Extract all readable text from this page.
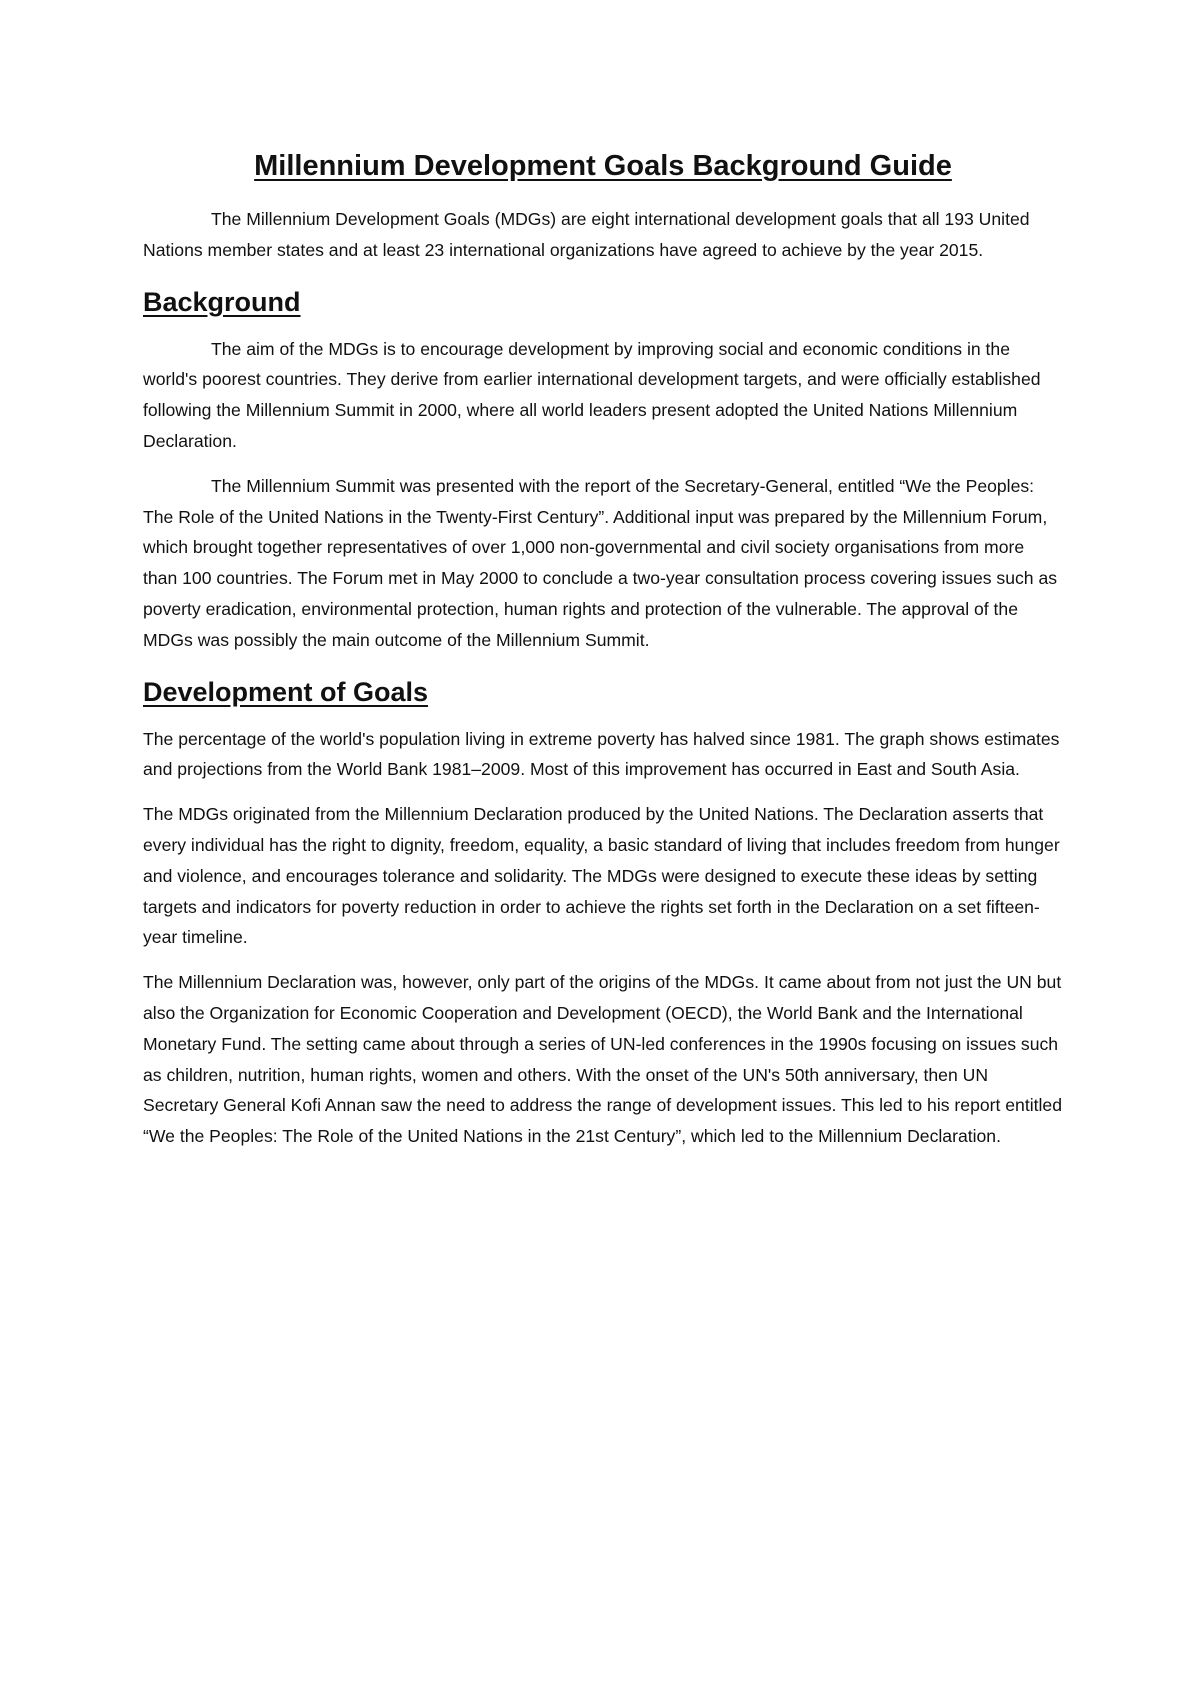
Millennium Development Goals Background Guide

The Millennium Development Goals (MDGs) are eight international development goals that all 193 United Nations member states and at least 23 international organizations have agreed to achieve by the year 2015.

Background

The aim of the MDGs is to encourage development by improving social and economic conditions in the world's poorest countries. They derive from earlier international development targets, and were officially established following the Millennium Summit in 2000, where all world leaders present adopted the United Nations Millennium Declaration.

The Millennium Summit was presented with the report of the Secretary-General, entitled “We the Peoples: The Role of the United Nations in the Twenty-First Century”. Additional input was prepared by the Millennium Forum, which brought together representatives of over 1,000 non-governmental and civil society organisations from more than 100 countries. The Forum met in May 2000 to conclude a two-year consultation process covering issues such as poverty eradication, environmental protection, human rights and protection of the vulnerable. The approval of the MDGs was possibly the main outcome of the Millennium Summit.

Development of Goals

The percentage of the world's population living in extreme poverty has halved since 1981. The graph shows estimates and projections from the World Bank 1981–2009. Most of this improvement has occurred in East and South Asia.

The MDGs originated from the Millennium Declaration produced by the United Nations. The Declaration asserts that every individual has the right to dignity, freedom, equality, a basic standard of living that includes freedom from hunger and violence, and encourages tolerance and solidarity. The MDGs were designed to execute these ideas by setting targets and indicators for poverty reduction in order to achieve the rights set forth in the Declaration on a set fifteen-year timeline.

The Millennium Declaration was, however, only part of the origins of the MDGs. It came about from not just the UN but also the Organization for Economic Cooperation and Development (OECD), the World Bank and the International Monetary Fund. The setting came about through a series of UN-led conferences in the 1990s focusing on issues such as children, nutrition, human rights, women and others. With the onset of the UN's 50th anniversary, then UN Secretary General Kofi Annan saw the need to address the range of development issues. This led to his report entitled “We the Peoples: The Role of the United Nations in the 21st Century”, which led to the Millennium Declaration.
